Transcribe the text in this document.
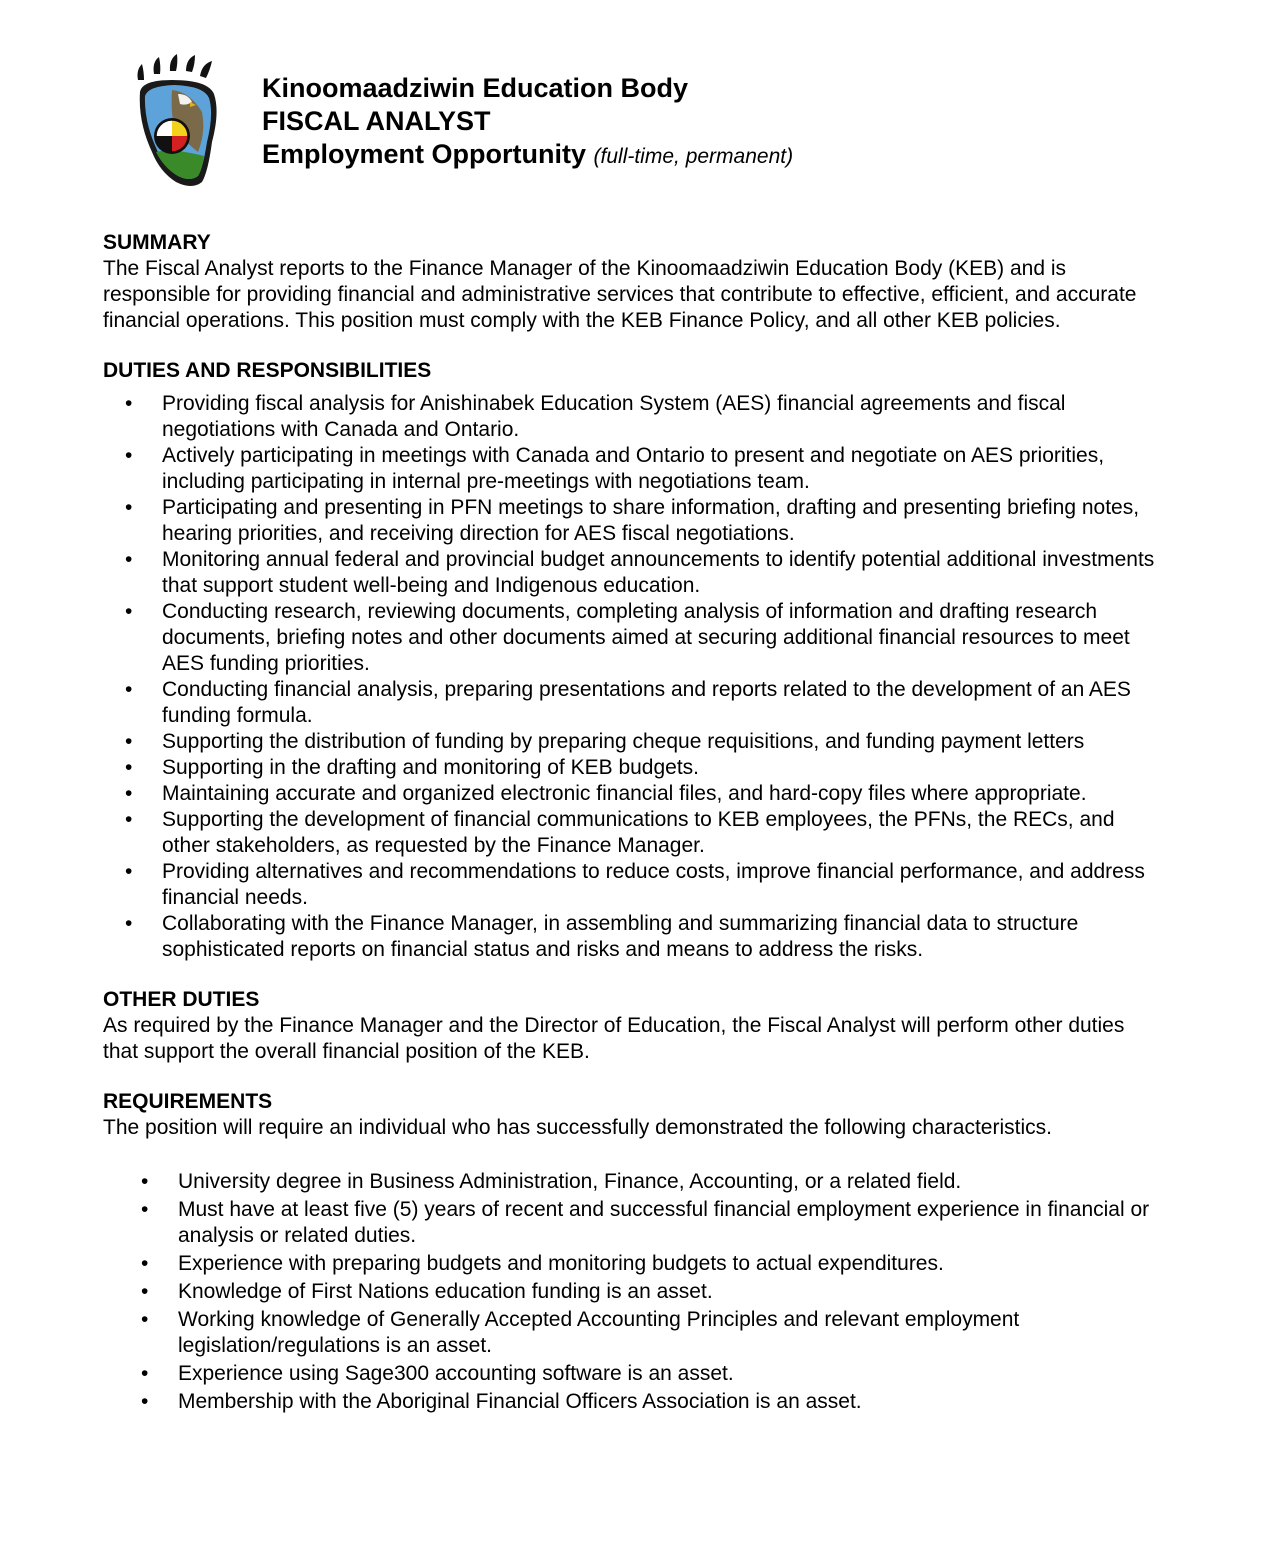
Kinoomaadziwin Education Body
FISCAL ANALYST
Employment Opportunity (full-time, permanent)
SUMMARY

The Fiscal Analyst reports to the Finance Manager of the Kinoomaadziwin Education Body (KEB) and is responsible for providing financial and administrative services that contribute to effective, efficient, and accurate financial operations. This position must comply with the KEB Finance Policy, and all other KEB policies.

DUTIES AND RESPONSIBILITIES
• Providing fiscal analysis for Anishinabek Education System (AES) financial agreements and fiscal negotiations with Canada and Ontario.
• Actively participating in meetings with Canada and Ontario to present and negotiate on AES priorities, including participating in internal pre-meetings with negotiations team.
• Participating and presenting in PFN meetings to share information, drafting and presenting briefing notes, hearing priorities, and receiving direction for AES fiscal negotiations.
• Monitoring annual federal and provincial budget announcements to identify potential additional investments that support student well-being and Indigenous education.
• Conducting research, reviewing documents, completing analysis of information and drafting research documents, briefing notes and other documents aimed at securing additional financial resources to meet AES funding priorities.
• Conducting financial analysis, preparing presentations and reports related to the development of an AES funding formula.
• Supporting the distribution of funding by preparing cheque requisitions, and funding payment letters
• Supporting in the drafting and monitoring of KEB budgets.
• Maintaining accurate and organized electronic financial files, and hard-copy files where appropriate.
• Supporting the development of financial communications to KEB employees, the PFNs, the RECs, and other stakeholders, as requested by the Finance Manager.
• Providing alternatives and recommendations to reduce costs, improve financial performance, and address financial needs.
• Collaborating with the Finance Manager, in assembling and summarizing financial data to structure sophisticated reports on financial status and risks and means to address the risks.
OTHER DUTIES

As required by the Finance Manager and the Director of Education, the Fiscal Analyst will perform other duties that support the overall financial position of the KEB.

REQUIREMENTS

The position will require an individual who has successfully demonstrated the following characteristics.

• University degree in Business Administration, Finance, Accounting, or a related field.
• Must have at least five (5) years of recent and successful financial employment experience in financial or analysis or related duties.
• Experience with preparing budgets and monitoring budgets to actual expenditures.
• Knowledge of First Nations education funding is an asset.
• Working knowledge of Generally Accepted Accounting Principles and relevant employment legislation/regulations is an asset.
• Experience using Sage300 accounting software is an asset.
• Membership with the Aboriginal Financial Officers Association is an asset.
